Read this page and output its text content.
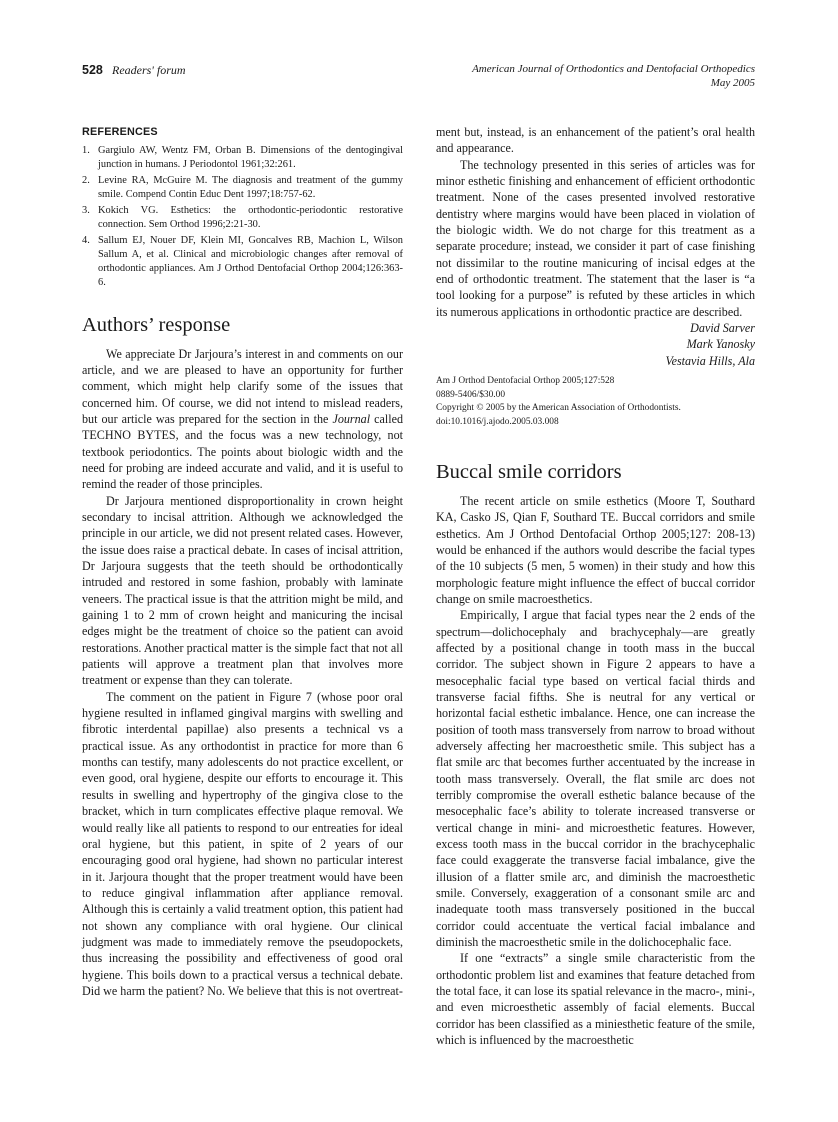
528 Readers' forum	American Journal of Orthodontics and Dentofacial Orthopedics
May 2005
REFERENCES
1. Gargiulo AW, Wentz FM, Orban B. Dimensions of the dentogingival junction in humans. J Periodontol 1961;32:261.
2. Levine RA, McGuire M. The diagnosis and treatment of the gummy smile. Compend Contin Educ Dent 1997;18:757-62.
3. Kokich VG. Esthetics: the orthodontic-periodontic restorative connection. Sem Orthod 1996;2:21-30.
4. Sallum EJ, Nouer DF, Klein MI, Goncalves RB, Machion L, Wilson Sallum A, et al. Clinical and microbiologic changes after removal of orthodontic appliances. Am J Orthod Dentofacial Orthop 2004;126:363-6.
Authors’ response

We appreciate Dr Jarjoura’s interest in and comments on our article, and we are pleased to have an opportunity for further comment, which might help clarify some of the issues that concerned him. Of course, we did not intend to mislead readers, but our article was prepared for the section in the Journal called TECHNO BYTES, and the focus was a new technology, not textbook periodontics. The points about biologic width and the need for probing are indeed accurate and valid, and it is useful to remind the reader of those principles.

Dr Jarjoura mentioned disproportionality in crown height secondary to incisal attrition. Although we acknowledged the principle in our article, we did not present related cases. However, the issue does raise a practical debate. In cases of incisal attrition, Dr Jarjoura suggests that the teeth should be orthodontically intruded and restored in some fashion, probably with laminate veneers. The practical issue is that the attrition might be mild, and gaining 1 to 2 mm of crown height and manicuring the incisal edges might be the treatment of choice so the patient can avoid restorations. Another practical matter is the simple fact that not all patients will approve a treatment plan that involves more treatment or expense than they can tolerate.

The comment on the patient in Figure 7 (whose poor oral hygiene resulted in inflamed gingival margins with swelling and fibrotic interdental papillae) also presents a technical vs a practical issue. As any orthodontist in practice for more than 6 months can testify, many adolescents do not practice excellent, or even good, oral hygiene, despite our efforts to encourage it. This results in swelling and hypertrophy of the gingiva close to the bracket, which in turn complicates effective plaque removal. We would really like all patients to respond to our entreaties for ideal oral hygiene, but this patient, in spite of 2 years of our encouraging good oral hygiene, had shown no particular interest in it. Jarjoura thought that the proper treatment would have been to reduce gingival inflammation after appliance removal. Although this is certainly a valid treatment option, this patient had not shown any compliance with oral hygiene. Our clinical judgment was made to immediately remove the pseudopockets, thus increasing the possibility and effectiveness of good oral hygiene. This boils down to a practical versus a technical debate. Did we harm the patient? No. We believe that this is not overtreat-

ment but, instead, is an enhancement of the patient’s oral health and appearance.

The technology presented in this series of articles was for minor esthetic finishing and enhancement of efficient orthodontic treatment. None of the cases presented involved restorative dentistry where margins would have been placed in violation of the biologic width. We do not charge for this treatment as a separate procedure; instead, we consider it part of case finishing not dissimilar to the routine manicuring of incisal edges at the end of orthodontic treatment. The statement that the laser is “a tool looking for a purpose” is refuted by these articles in which its numerous applications in orthodontic practice are described.

David Sarver
Mark Yanosky
Vestavia Hills, Ala
Am J Orthod Dentofacial Orthop 2005;127:528
0889-5406/$30.00
Copyright © 2005 by the American Association of Orthodontists.
doi:10.1016/j.ajodo.2005.03.008
Buccal smile corridors

The recent article on smile esthetics (Moore T, Southard KA, Casko JS, Qian F, Southard TE. Buccal corridors and smile esthetics. Am J Orthod Dentofacial Orthop 2005;127: 208-13) would be enhanced if the authors would describe the facial types of the 10 subjects (5 men, 5 women) in their study and how this morphologic feature might influence the effect of buccal corridor change on smile macroesthetics.

Empirically, I argue that facial types near the 2 ends of the spectrum—dolichocephaly and brachycephaly—are greatly affected by a positional change in tooth mass in the buccal corridor. The subject shown in Figure 2 appears to have a mesocephalic facial type based on vertical facial thirds and transverse facial fifths. She is neutral for any vertical or horizontal facial esthetic imbalance. Hence, one can increase the position of tooth mass transversely from narrow to broad without adversely affecting her macroesthetic smile. This subject has a flat smile arc that becomes further accentuated by the increase in tooth mass transversely. Overall, the flat smile arc does not terribly compromise the overall esthetic balance because of the mesocephalic face’s ability to tolerate increased transverse or vertical change in mini- and microesthetic features. However, excess tooth mass in the buccal corridor in the brachycephalic face could exaggerate the transverse facial imbalance, give the illusion of a flatter smile arc, and diminish the macroesthetic smile. Conversely, exaggeration of a consonant smile arc and inadequate tooth mass transversely positioned in the buccal corridor could accentuate the vertical facial imbalance and diminish the macroesthetic smile in the dolichocephalic face.

If one “extracts” a single smile characteristic from the orthodontic problem list and examines that feature detached from the total face, it can lose its spatial relevance in the macro-, mini-, and even microesthetic assembly of facial elements. Buccal corridor has been classified as a miniesthetic feature of the smile, which is influenced by the macroesthetic
